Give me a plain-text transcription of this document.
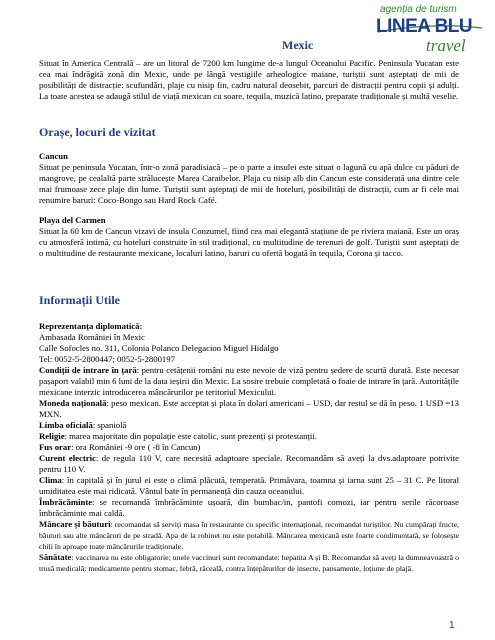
agenția de turism
LINEA BLU
travel
Mexic

Situat în America Centrală – are un litoral de 7200 km lungime de-a lungul Oceanului Pacific. Peninsula Yucatan este cea mai îndrăgită zonă din Mexic, unde pe lângă vestigiile arheologice maiane, turiștii sunt așteptați de mii de posibilități de distracție: scufundări, plaje cu nisip fin, cadru natural deosebit, parcuri de distracții pentru copii și adulți. La toate acestea se adaugă stilul de viață mexican cu soare, tequila, muzică latino, preparate tradiționale și multă veselie.

Orașe, locuri de vizitat

Cancun

Situat pe peninsula Yucatan, într-o zonă paradisiacă – pe o parte a insulei este situat o lagună cu apă dulce cu păduri de mangrove, pe cealaltă parte strălucește Marea Caraibelor. Plaja cu nisip alb din Cancun este considerată una dintre cele mai frumoase zece plaje din lume. Turiștii sunt așteptați de mii de hoteluri, posibilități de distracții, cum ar fi cele mai renumire baruri: Coco-Bongo sau Hard Rock Café.

Playa del Carmen

Situat la 60 km de Cancun vizavi de insula Conzumel, fiind cea mai elegantă stațiune de pe riviera maiană. Este un oraș cu atmosferă intimă, cu hoteluri construite în stil tradițional, cu multitudine de terenuri de golf. Turiștii sunt așteptați de o multitudine de restaurante mexicane, localuri latino, baruri cu ofertă bogată în tequila, Corona și tacco.

Informații Utile

Reprezentanța diplomatică:

Ambasada României în Mexic

Calle Sofocles no. 311, Colonia Polanco Delegacion Miguel Hidalgo

Tel: 0052-5-2800447; 0052-5-2800197

Condiții de intrare în țară: pentru cetățenii români nu este nevoie de viză pentru ședere de scurtă durată. Este necesar pașaport valabil min 6 luni de la data ieșirii din Mexic. La sosire trebuie completată o foaie de intrare în țară. Autoritățile mexicane interzic introducerea mâncărurilor pe teritoriul Mexicului.

Moneda națională: peso mexican. Este acceptat și plata în dolari americani – USD, dar restul se dă în peso. 1 USD =13 MXN.

Limba oficială: spaniolă

Religie: marea majoritate din populație este catolic, sunt prezenți și protestanții.

Fus orar: ora României -9 ore ( -8 în Cancun)

Curent electric: de regula 110 V, care necesită adaptoare speciale. Recomandăm să aveți la dvs.adaptoare potrivite pentru 110 V.

Clima: în capitală și în jurul ei este o climă plăcută, temperată. Primăvara, toamna și iarna sunt 25 – 31 C. Pe litoral umiditatea este mai ridicată. Vântul bate în permanență din cauza oceanului.

Îmbrăcăminte: se recomandă îmbrăcăminte ușoară, din bumbac/in, pantofi comozi, iar pentru serile răcoroase îmbrăcăminte mai caldă.

Mâncare și băuturi: recomandat să serviți masa în restaurante cu specific internațional, recomandat turiștilor. Nu cumpărați fructe, băuturi sau alte mâncăruri de pe stradă. Apa de la robinet nu este potabilă. Mâncarea mexicană este foarte condimentată, se folosește chili în aproape toate mâncărurile tradiționale.

Sănătate: vaccinarea nu este obligatorie; unele vaccinuri sunt recomandate: hepatita A și B. Recomandat să aveți la dumneavoastră o trusă medicală: medicamente pentru stomac, febră, răceală, contra înțepăturilor de insecte, pansamente, loțiune de plajă.

1
